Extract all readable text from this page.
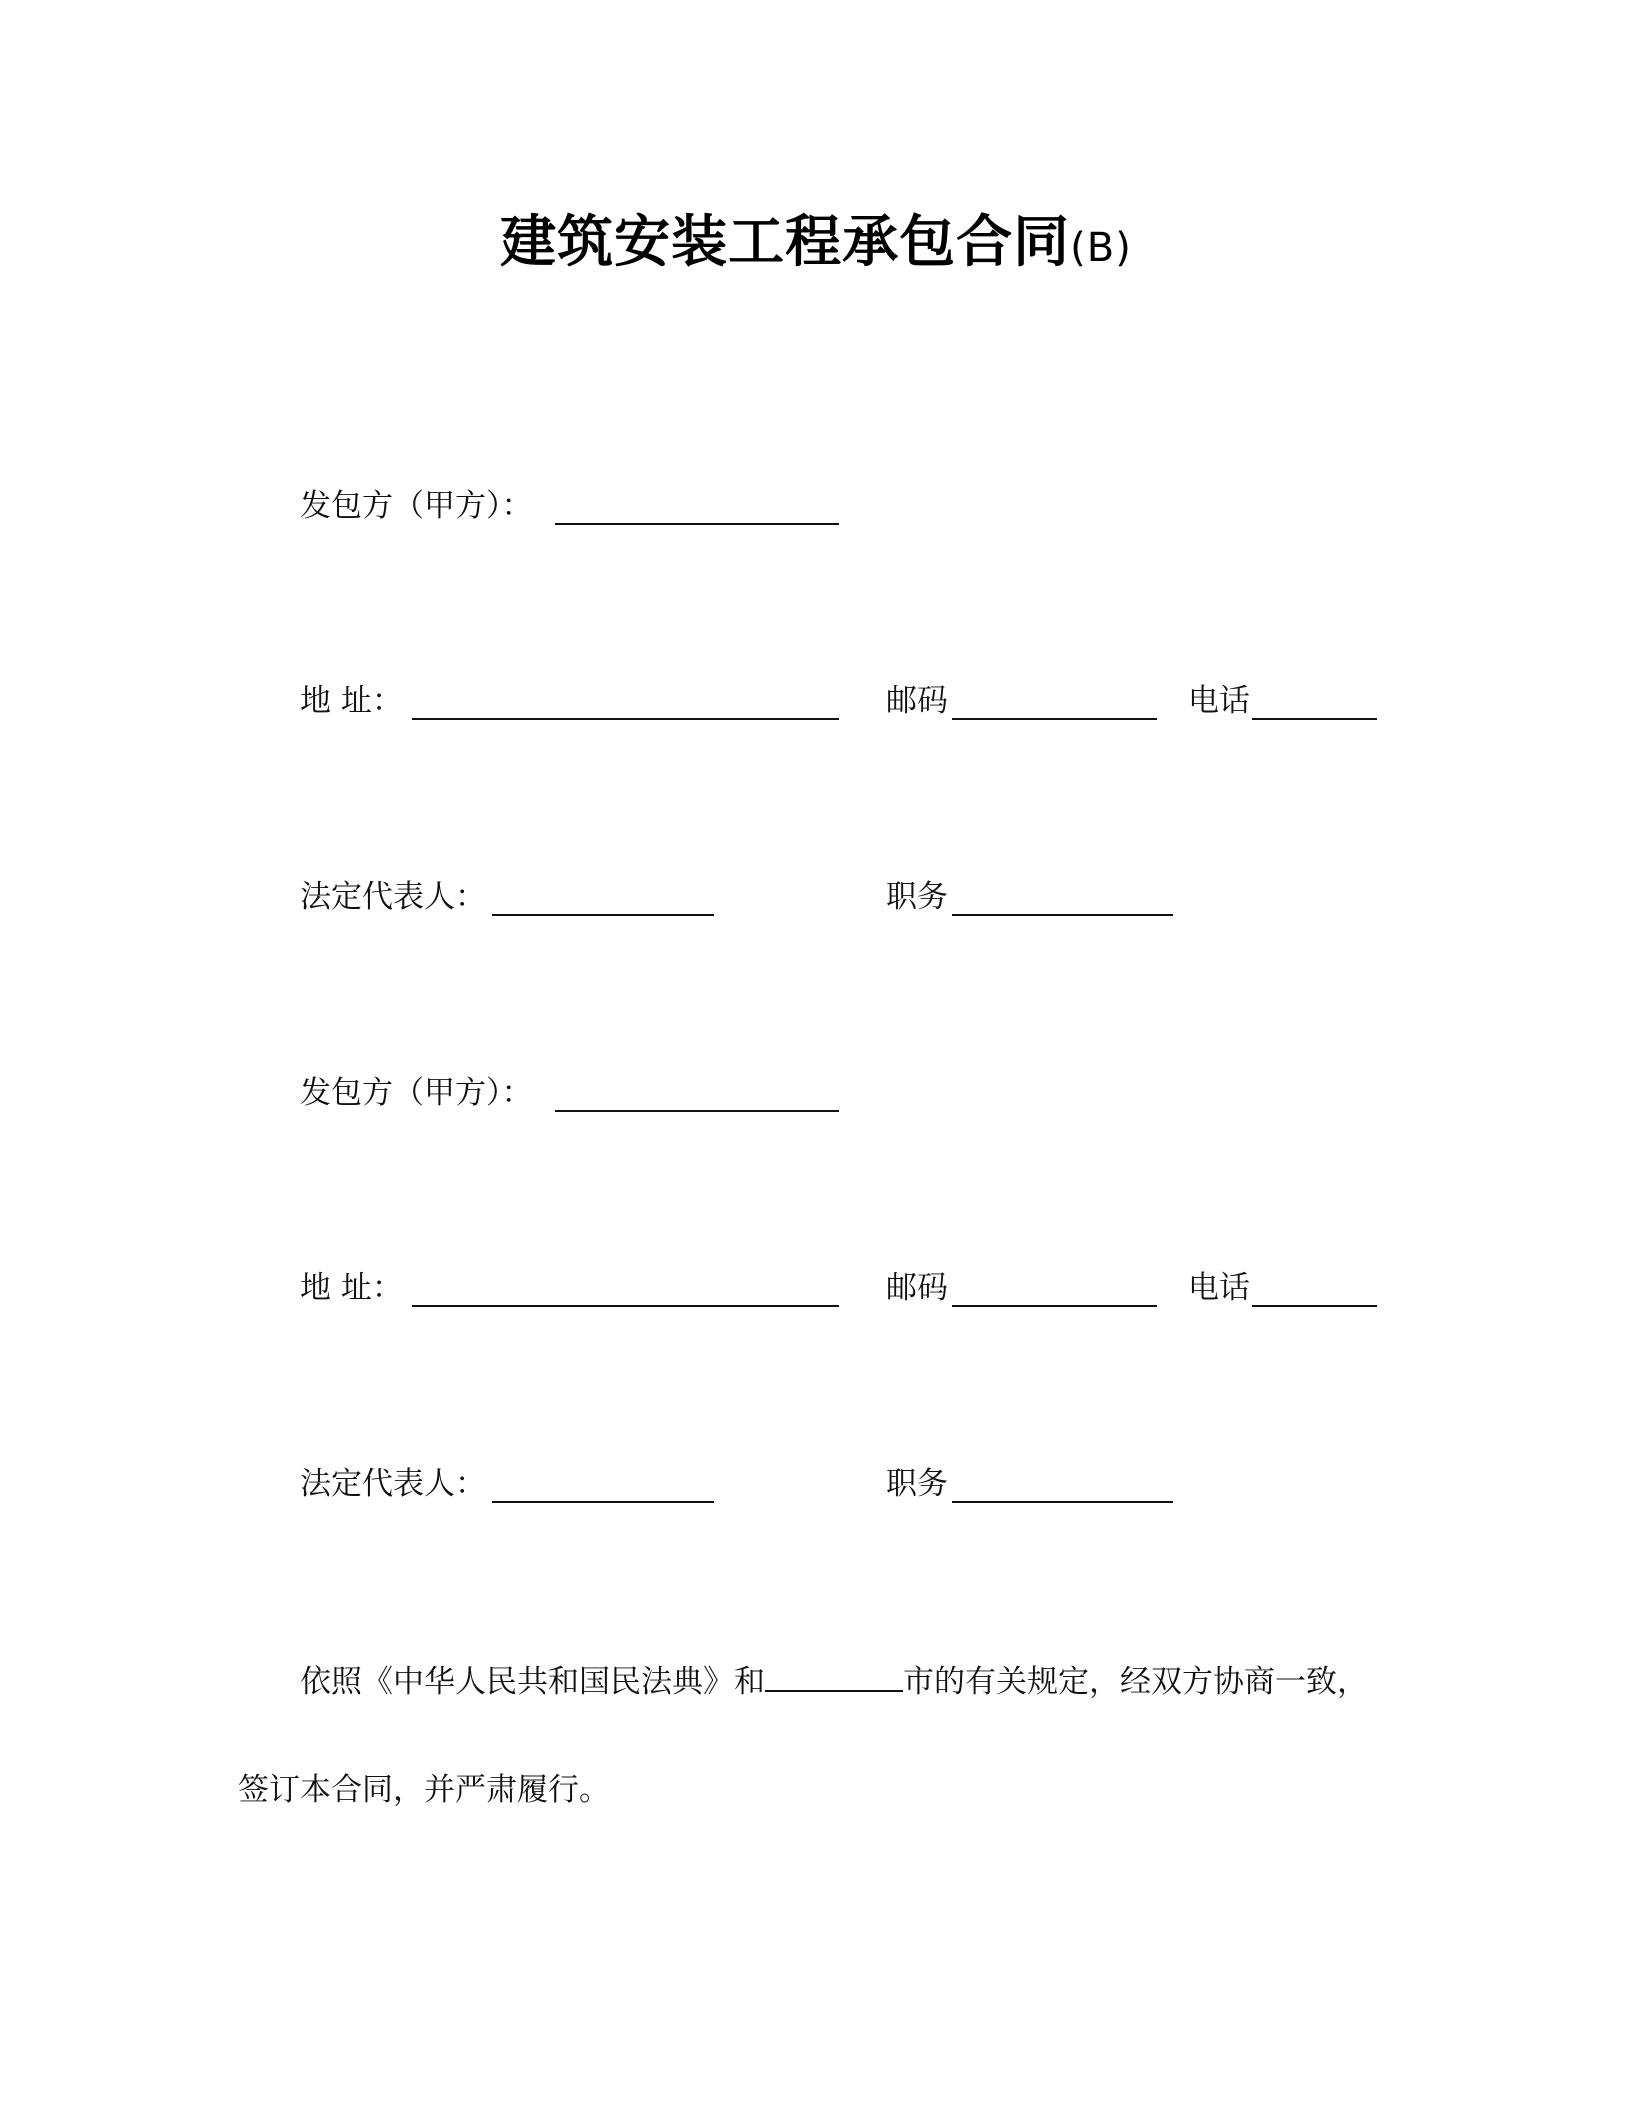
建筑安装工程承包合同(B)
发包方（甲方）：
地 址：	邮码	电话
法定代表人：	职务
发包方（甲方）：
地 址：	邮码	电话
法定代表人：	职务
依照《中华人民共和国民法典》和	市的有关规定，经双方协商一致，
签订本合同，并严肃履行。
